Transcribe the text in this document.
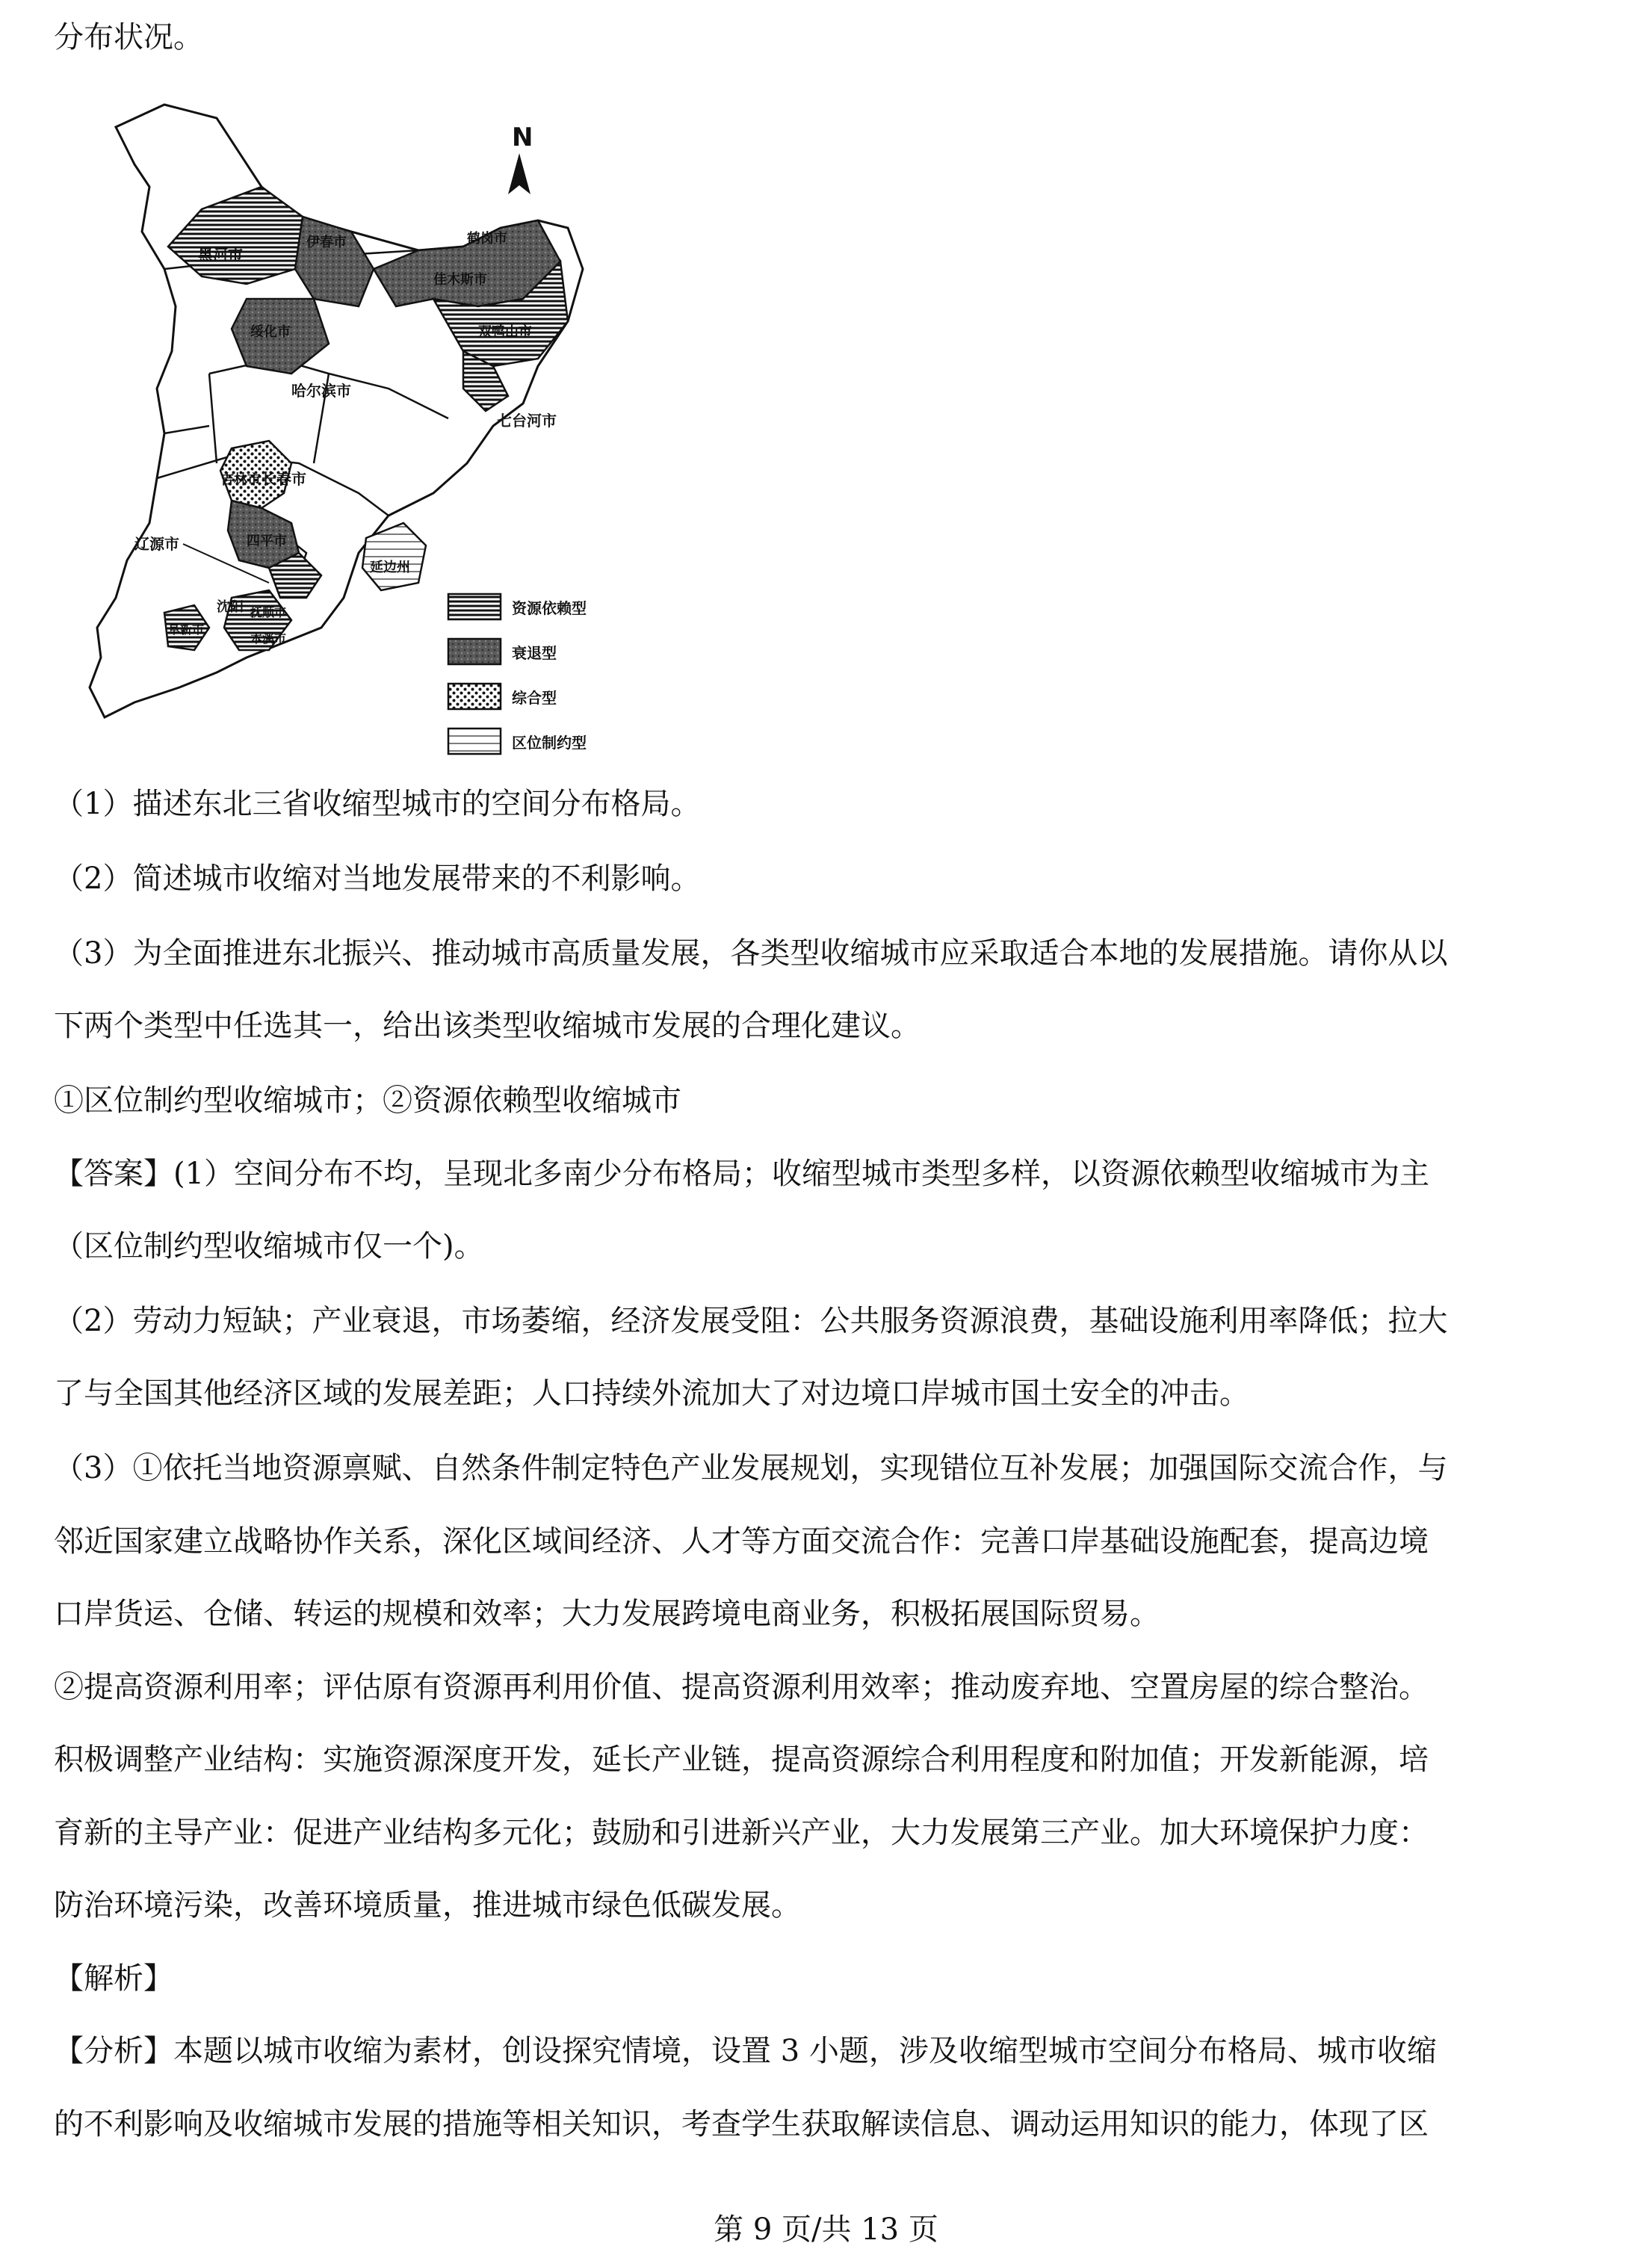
分布状况。
N
黑河市
伊春市	鹤岗市
佳木斯市
绥化市
哈尔滨市
双鸭山市
七台河市
吉林市 长春市
四平市
辽源市
延边州
阜新市
沈阳 抚顺市
本溪市
资源依赖型
衰退型
综合型
区位制约型
（1）描述东北三省收缩型城市的空间分布格局。
（2）简述城市收缩对当地发展带来的不利影响。
（3）为全面推进东北振兴、推动城市高质量发展，各类型收缩城市应采取适合本地的发展措施。请你从以
下两个类型中任选其一，给出该类型收缩城市发展的合理化建议。
①区位制约型收缩城市；②资源依赖型收缩城市
【答案】(1）空间分布不均，呈现北多南少分布格局；收缩型城市类型多样，以资源依赖型收缩城市为主
（区位制约型收缩城市仅一个)。
（2）劳动力短缺；产业衰退，市场萎缩，经济发展受阻：公共服务资源浪费，基础设施利用率降低；拉大
了与全国其他经济区域的发展差距；人口持续外流加大了对边境口岸城市国土安全的冲击。
（3）①依托当地资源禀赋、自然条件制定特色产业发展规划，实现错位互补发展；加强国际交流合作，与
邻近国家建立战略协作关系，深化区域间经济、人才等方面交流合作：完善口岸基础设施配套，提高边境
口岸货运、仓储、转运的规模和效率；大力发展跨境电商业务，积极拓展国际贸易。
②提高资源利用率；评估原有资源再利用价值、提高资源利用效率；推动废弃地、空置房屋的综合整治。
积极调整产业结构：实施资源深度开发，延长产业链，提高资源综合利用程度和附加值；开发新能源，培
育新的主导产业：促进产业结构多元化；鼓励和引进新兴产业，大力发展第三产业。加大环境保护力度：
防治环境污染，改善环境质量，推进城市绿色低碳发展。
【解析】
【分析】本题以城市收缩为素材，创设探究情境，设置 3 小题，涉及收缩型城市空间分布格局、城市收缩
的不利影响及收缩城市发展的措施等相关知识，考查学生获取解读信息、调动运用知识的能力，体现了区
第 9 页/共 13 页
